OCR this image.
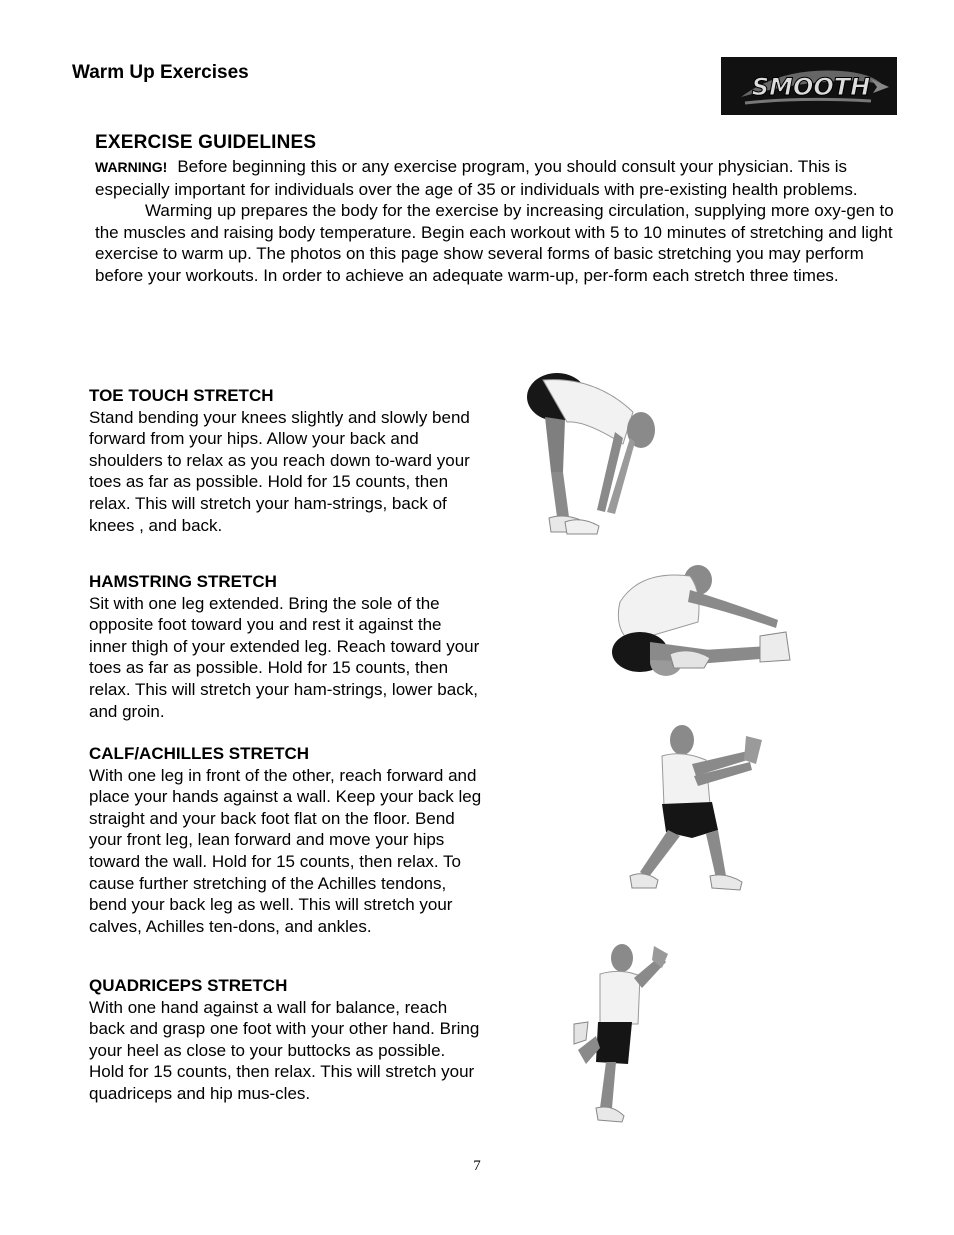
Warm Up Exercises
SMOOTH
EXERCISE GUIDELINES

WARNING! Before beginning this or any exercise program, you should consult your physician. This is especially important for individuals over the age of 35 or individuals with pre-existing health problems.

Warming up prepares the body for the exercise by increasing circulation, supplying more oxy-gen to the muscles and raising body temperature. Begin each workout with 5 to 10 minutes of stretching and light exercise to warm up. The photos on this page show several forms of basic stretching you may perform before your workouts. In order to achieve an adequate warm-up, per-form each stretch three times.

TOE TOUCH STRETCH

Stand bending your knees slightly and slowly bend forward from your hips. Allow your back and shoulders to relax as you reach down to-ward your toes as far as possible. Hold for 15 counts, then relax. This will stretch your ham-strings, back of knees , and back.

HAMSTRING STRETCH

Sit with one leg extended. Bring the sole of the opposite foot toward you and rest it against the inner thigh of your extended leg. Reach toward your toes as far as possible. Hold for 15 counts, then relax. This will stretch your ham-strings, lower back, and groin.

CALF/ACHILLES STRETCH

With one leg in front of the other, reach forward and place your hands against a wall. Keep your back leg straight and your back foot flat on the floor. Bend your front leg, lean forward and move your hips toward the wall. Hold for 15 counts, then relax. To cause further stretching of the Achilles tendons, bend your back leg as well. This will stretch your calves, Achilles ten-dons, and ankles.

QUADRICEPS STRETCH

With one hand against a wall for balance, reach back and grasp one foot with your other hand. Bring your heel as close to your buttocks as possible. Hold for 15 counts, then relax. This will stretch your quadriceps and hip mus-cles.

7
